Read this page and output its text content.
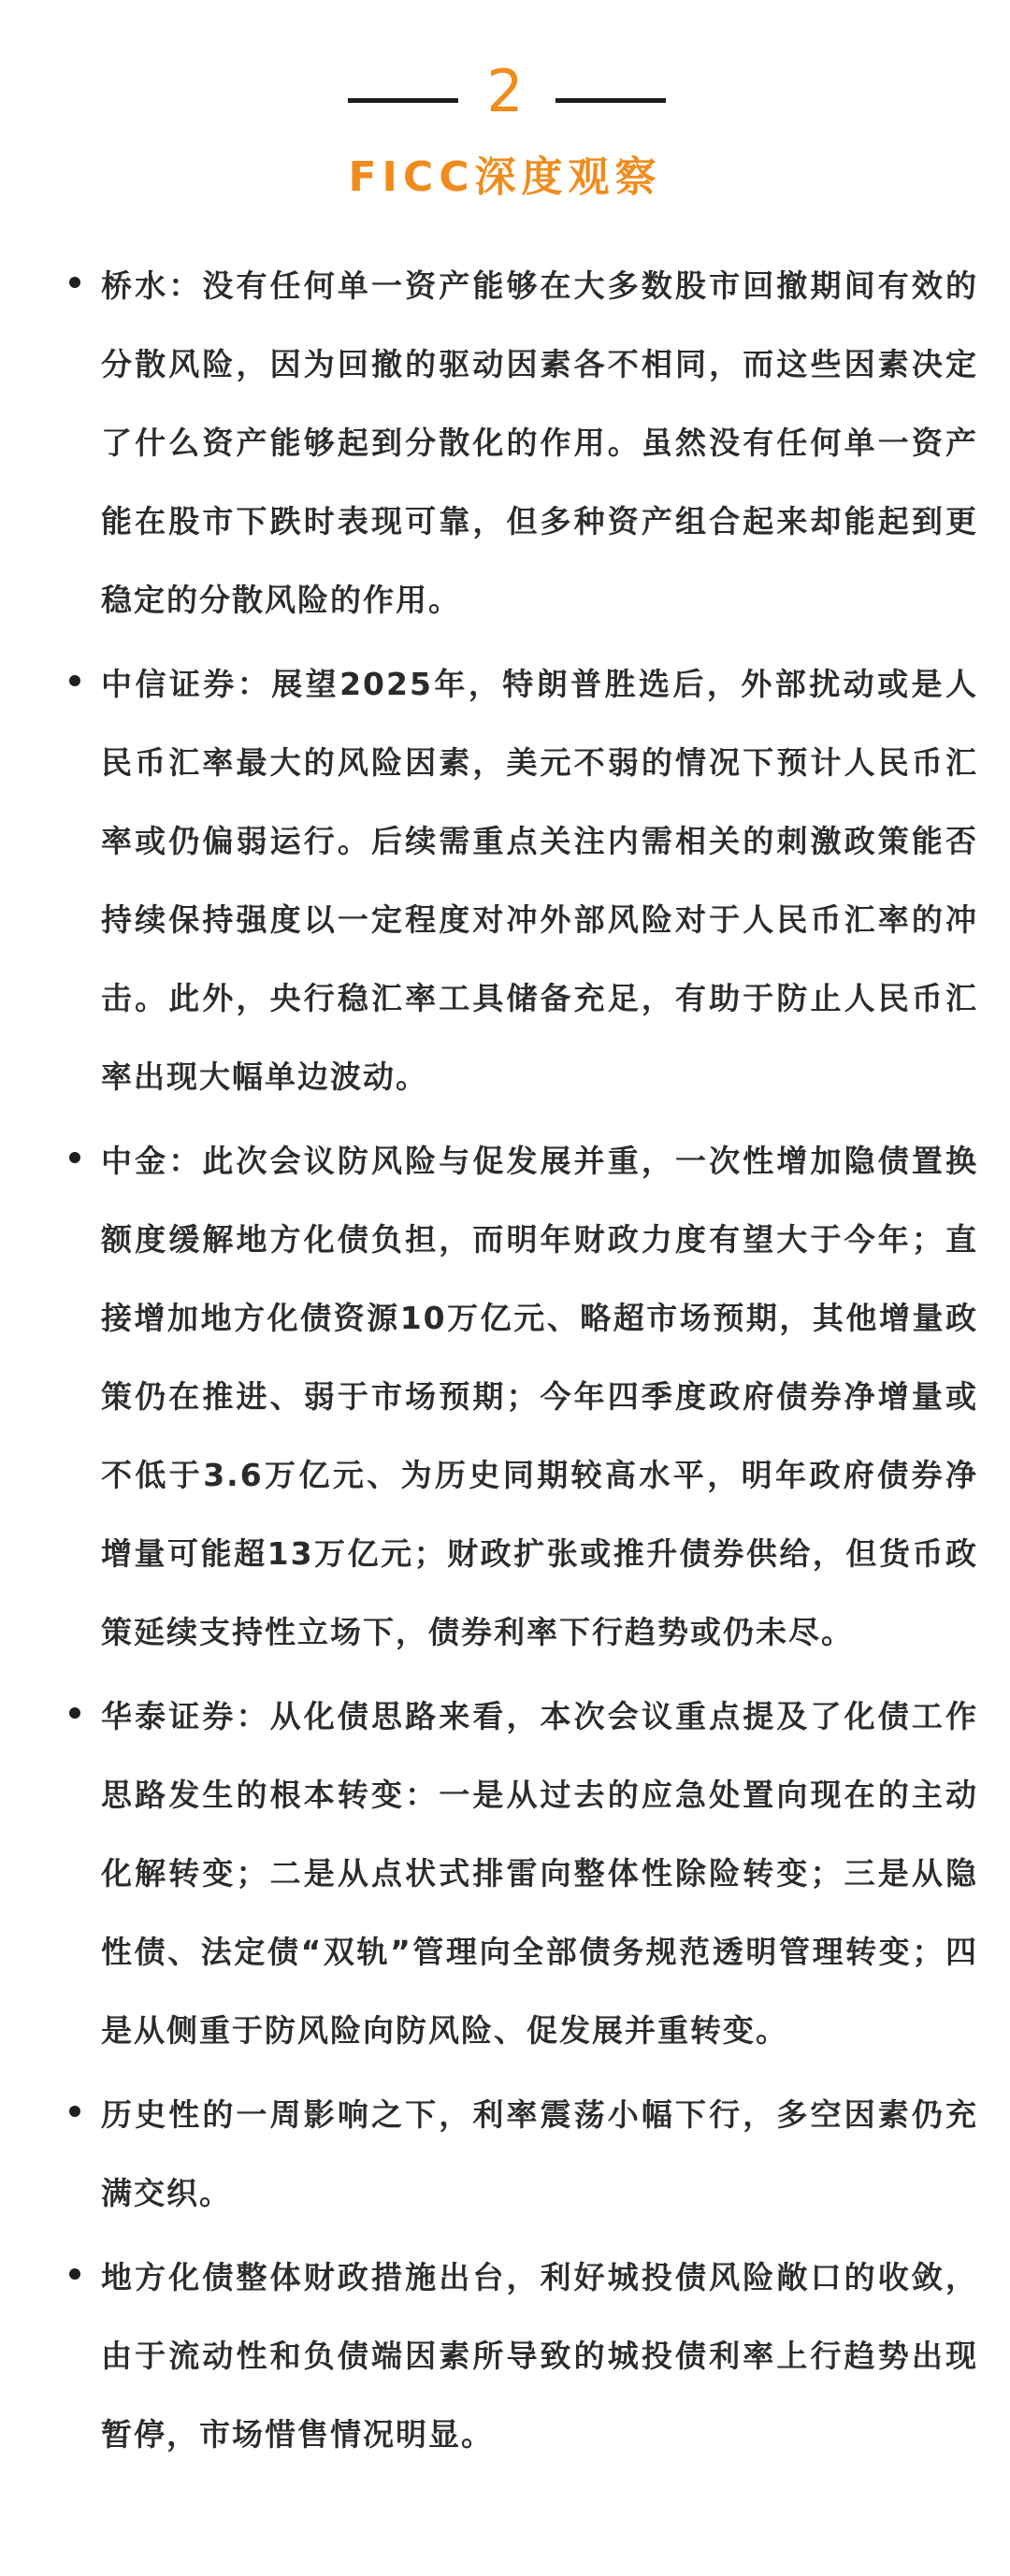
2
FICC深度观察
桥水：没有任何单一资产能够在大多数股市回撤期间有效的分散风险，因为回撤的驱动因素各不相同，而这些因素决定了什么资产能够起到分散化的作用。虽然没有任何单一资产能在股市下跌时表现可靠，但多种资产组合起来却能起到更稳定的分散风险的作用。
中信证券：展望2025年，特朗普胜选后，外部扰动或是人民币汇率最大的风险因素，美元不弱的情况下预计人民币汇率或仍偏弱运行。后续需重点关注内需相关的刺激政策能否持续保持强度以一定程度对冲外部风险对于人民币汇率的冲击。此外，央行稳汇率工具储备充足，有助于防止人民币汇率出现大幅单边波动。
中金：此次会议防风险与促发展并重，一次性增加隐债置换额度缓解地方化债负担，而明年财政力度有望大于今年；直接增加地方化债资源10万亿元、略超市场预期，其他增量政策仍在推进、弱于市场预期；今年四季度政府债券净增量或不低于3.6万亿元、为历史同期较高水平，明年政府债券净增量可能超13万亿元；财政扩张或推升债券供给，但货币政策延续支持性立场下，债券利率下行趋势或仍未尽。
华泰证券：从化债思路来看，本次会议重点提及了化债工作思路发生的根本转变：一是从过去的应急处置向现在的主动化解转变；二是从点状式排雷向整体性除险转变；三是从隐性债、法定债“双轨”管理向全部债务规范透明管理转变；四是从侧重于防风险向防风险、促发展并重转变。
历史性的一周影响之下，利率震荡小幅下行，多空因素仍充满交织。
地方化债整体财政措施出台，利好城投债风险敞口的收敛，由于流动性和负债端因素所导致的城投债利率上行趋势出现暂停，市场惜售情况明显。
